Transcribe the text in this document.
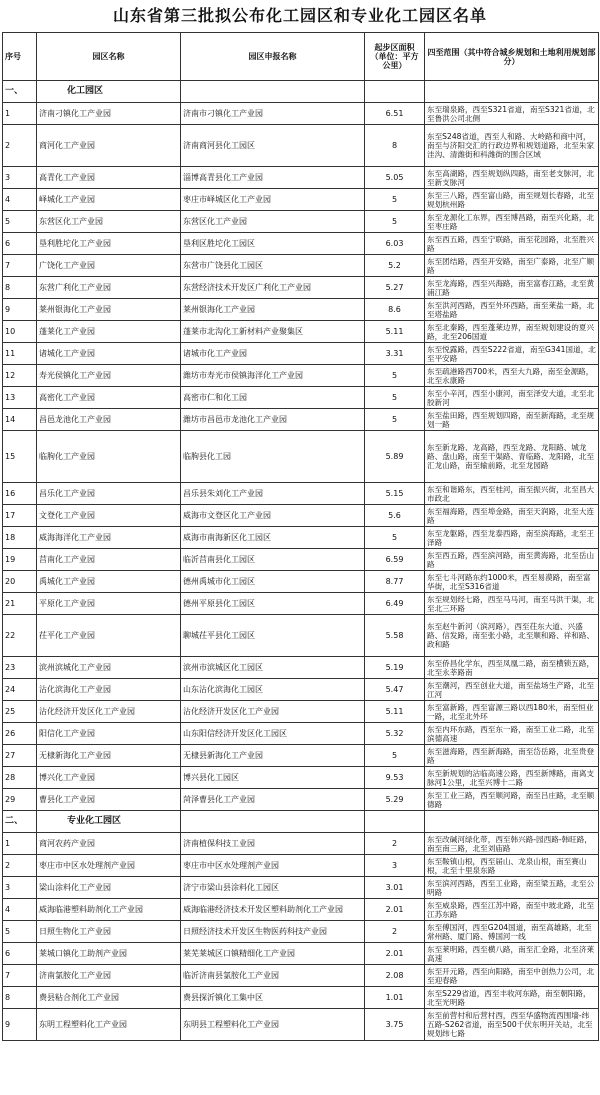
山东省第三批拟公布化工园区和专业化工园区名单
序号	园区名称	园区申报名称	起步区面积（单位：平方公里）	四至范围（其中符合城乡规划和土地利用规划部分）
一、	化工园区			
1	济南刁镇化工产业园	济南市刁镇化工产业园	6.51	东至瑞泉路，西至S321省道，南至S321省道，北至鲁洪公司北侧
2	商河化工产业园	济南商河县化工园区	8	东至S248省道，西至人和路、大岭路和商中河，南至与济阳交汇的行政边界和规划道路，北至朱家洼沟、清潍街和科潍街的围合区域
3	高青化工产业园	淄博高青县化工产业园	5.05	东至高湖路，西至规划纵四路，南至老支脉河，北至新支脉河
4	峄城化工产业园	枣庄市峄城区化工产业园	5	东至三八路，西至富山路，南至规划长春路，北至规划杭州路
5	东营区化工产业园	东营区化工产业园	5	东至龙源化工东界，西至博昌路，南至兴化路，北至枣庄路
6	垦利胜坨化工产业园	垦利区胜坨化工园区	6.03	东至西五路，西至宁联路，南至花园路，北至胜兴路
7	广饶化工产业园	东营市广饶县化工园区	5.2	东至团结路，西至开安路，南至广泰路，北至广顺路
8	东营广利化工产业园	东营经济技术开发区广利化工产业园	5.27	东至龙海路，西至兴海路，南至富春江路，北至黄浦江路
9	莱州银海化工产业园	莱州银海化工产业园	8.6	东至洪河西路，西至外环西路，南至莱盐一路，北至塔盐路
10	蓬莱化工产业园	蓬莱市北沟化工新材料产业聚集区	5.11	东至北秦路，西至蓬莱边界，南至规划建设的夏兴路，北至206国道
11	诸城化工产业园	诸城市化工产业园	3.31	东至悦露路，西至S222省道，南至G341国道，北至平安路
12	寿光侯镇化工产业园	潍坊市寿光市侯镇海洋化工产业园	5	东至疏港路西700米，西至大九路，南至金源路，北至永康路
13	高密化工产业园	高密市仁和化工园	5	东至小辛河，西至小康河，南至泽安大道，北至北胶新河
14	昌邑龙池化工产业园	潍坊市昌邑市龙池化工产业园	5	东至盐田路，西至规划四路，南至新海路，北至规划一路
15	临朐化工产业园	临朐县化工园	5.89	东至新龙路、龙高路，西至龙路、龙阳路、城龙路、盘山路，南至干渠路、青临路、龙阳路，北至汇龙山路，南至输前路，北至龙园路
16	昌乐化工产业园	昌乐县朱刘化工产业园	5.15	东至和谐路东，西至桂河，南至振兴街，北至昌大市政北
17	文登化工产业园	威海市文登区化工产业园	5.6	东至福海路，西至埠金路，南至天润路，北至大连路
18	威海海洋化工产业园	威海市南海新区化工园区	5	东至龙躯路，西至龙泰西路，南至滨海路，北至王泽路
19	莒南化工产业园	临沂莒南县化工园区	6.59	东至西五路，西至滨河路，南至黄海路，北至岳山路
20	禹城化工产业园	德州禹城市化工园区	8.77	东至七斗河路东约1000米，西至易漠路，南至富华街，北至S316省道
21	平原化工产业园	德州平原县化工园区	6.49	东至规划经七路，西至马马河，南至马洪干渠，北至北三环路
22	茌平化工产业园	聊城茌平县化工园区	5.58	东至赵牛新河（滨河路），西至茌东大道、兴盛路、信发路，南至张小路，北至顺和路、祥和路、政和路
23	滨州滨城化工产业园	滨州市滨城区化工园区	5.19	东至侨昌化学东，西至凤凰二路，南至横锁五路，北至永莘路南
24	沾化滨海化工产业园	山东沾化滨海化工园区	5.47	东至潮河，西至创业大道，南至盐场生产路，北至江河
25	沾化经济开发区化工产业园	沾化经济开发区化工产业园	5.11	东至富新路，西至富源三路以西180米，南至恒业一路，北至北外环
26	阳信化工产业园	山东阳信经济开发区化工园区	5.32	东至内环东路，西至东一路，南至工业二路，北至滨德高速
27	无棣新海化工产业园	无棣县新海化工产业园	5	东至滋海路，西至新海路，南至岱岳路，北至贵登路
28	博兴化工产业园	博兴县化工园区	9.53	东至新规划的沾临高速公路，西至新博路，南离支脉河1公里，北至兴博十二路
29	曹县化工产业园	菏泽曹县化工产业园	5.29	东至工业三路，西至顺河路，南至吕庄路，北至顺德路
二、	专业化工园区			
1	商河农药产业园	济南植保科技工业园	2	东至改碱河绿化带，西至韩兴路-园西路-韩旺路，南至南三路，北至刘庙路
2	枣庄市中区水处理剂产业园	枣庄市中区水处理剂产业园	3	东至鞍镇山根，西至届山、龙泉山根，南至赛山根，北至十里泉东路
3	梁山涂料化工产业园	济宁市梁山县涂料化工园区	3.01	东至滨河西路，西至工业路，南至梁五路，北至公明路
4	威海临港塑料助剂化工产业园	威海临港经济技术开发区塑料助剂化工产业园	2.01	东至威泉路，西至江苏中路，南至中玻北路，北至江苏东路
5	日照生物化工产业园	日照经济技术开发区生物医药科技产业园	2	东至傅国河，西至G204国道，南至高雄路，北至常州路、厦门路、傅国河一线
6	莱城口镇化工助剂产业园	莱芜莱城区口镇精细化工产业园	2.01	东至莱明路，西至横八路，南至汇金路，北至济莱高速
7	济南氯胺化工产业园	临沂济南县氯胺化工产业园	2.08	东至开元路，西至向阳路，南至中创热力公司，北至迎春路
8	费县粘合剂化工产业园	费县探沂镇化工集中区	1.01	东至S229省道，西至丰收河东路，南至朝阳路，北至光明路
9	东明工程塑料化工产业园	东明县工程塑料化工产业园	3.75	东至前营村和后营村西，西至华盛物流西围墙-纬五路-S262省道，南至500千伏东明开关站，北至规划纬七路
